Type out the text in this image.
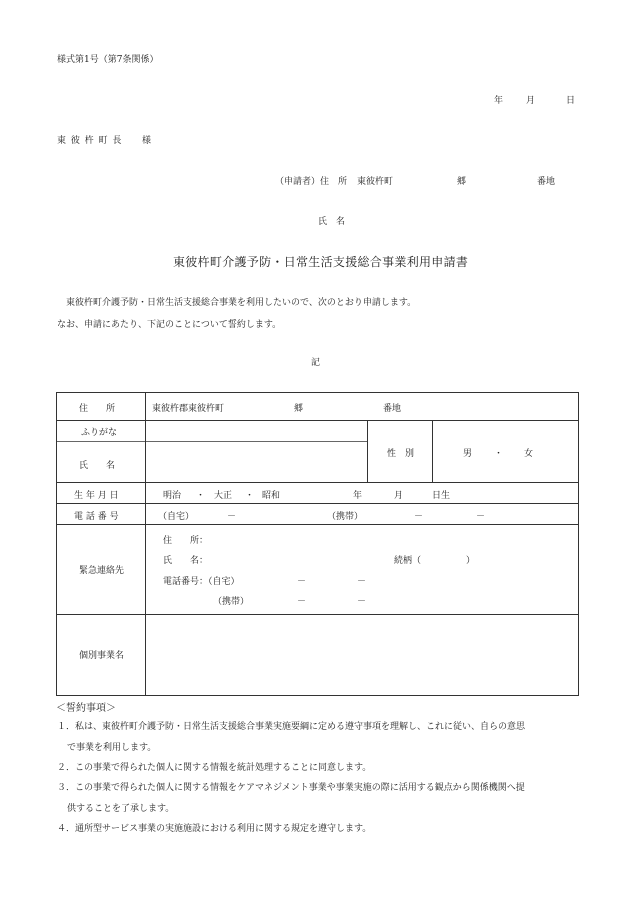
様式第1号（第7条関係）
年	月	日
東 彼 杵 町 長 様
（申請者）住　所 東彼杵町	郷	番地
氏　名
東彼杵町介護予防・日常生活支援総合事業利用申請書
東彼杵町介護予防・日常生活支援総合事業を利用したいので、次のとおり申請します。
なお、申請にあたり、下記のことについて誓約します。
記
住　　所	東彼杵郡東彼杵町	郷	番地
ふりがな
氏　　名
性　別	男 ・ 女
生 年 月 日	明治 ・ 大正 ・ 昭和	年	月	日生
電 話 番 号	（自宅）	－	（携帯）	－	－
緊急連絡先
住　　所：
氏　　名：	続柄（　　　　　）
電話番号：（自宅）	－	－
（携帯）	－	－
個別事業名
＜誓約事項＞
１．私は、東彼杵町介護予防・日常生活支援総合事業実施要綱に定める遵守事項を理解し、これに従い、自らの意思
で事業を利用します。
２．この事業で得られた個人に関する情報を統計処理することに同意します。
３．この事業で得られた個人に関する情報をケアマネジメント事業や事業実施の際に活用する観点から関係機関へ提
供することを了承します。
４．通所型サービス事業の実施施設における利用に関する規定を遵守します。
